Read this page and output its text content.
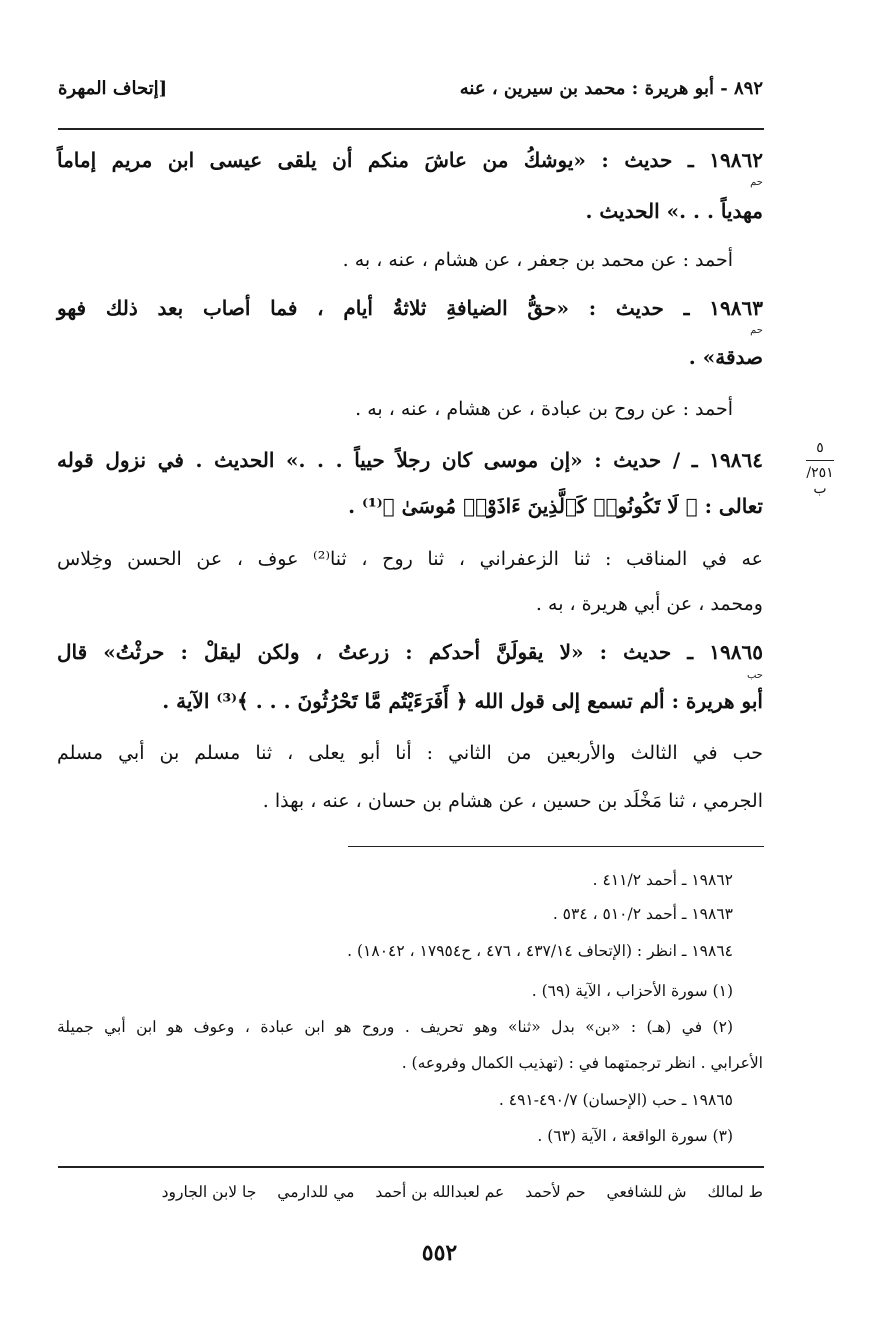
٨٩٢ - أبو هريرة : محمد بن سيرين ، عنه
[إتحاف المهرة
١٩٨٦٢ ـ حديث : «يوشكُ من عاشَ منكم أن يلقى عيسى ابن مريم إماماً
حم
مهدياً . . .» الحديث .
أحمد : عن محمد بن جعفر ، عن هشام ، عنه ، به .
١٩٨٦٣ ـ حديث : «حقُّ الضيافةِ ثلاثةُ أيام ، فما أصاب بعد ذلك فهو
حم
صدقة» .
أحمد : عن روح بن عبادة ، عن هشام ، عنه ، به .
٥
٢٥١/ب
١٩٨٦٤ ـ / حديث : «إن موسى كان رجلاً حيياً . . .» الحديث . في نزول قوله
تعالى : ﴿ لَا تَكُونُوا۟ كَٱلَّذِينَ ءَاذَوْا۟ مُوسَىٰ ﴾⁽¹⁾ .
عه في المناقب : ثنا الزعفراني ، ثنا روح ، ثنا⁽²⁾ عوف ، عن الحسن وخِلاس
ومحمد ، عن أبي هريرة ، به .
١٩٨٦٥ ـ حديث : «لا يقولَنَّ أحدكم : زرعتُ ، ولكن ليقلْ : حرثْتُ» قال
حب
أبو هريرة : ألم تسمع إلى قول الله ﴿ أَفَرَءَيْتُم مَّا تَحْرُثُونَ . . . ﴾⁽³⁾ الآية .
حب في الثالث والأربعين من الثاني : أنا أبو يعلى ، ثنا مسلم بن أبي مسلم
الجرمي ، ثنا مَخْلَد بن حسين ، عن هشام بن حسان ، عنه ، بهذا .
١٩٨٦٢ ـ أحمد ٤١١/٢ .
١٩٨٦٣ ـ أحمد ٥١٠/٢ ، ٥٣٤ .
١٩٨٦٤ ـ انظر : (الإتحاف ٤٣٧/١٤ ، ٤٧٦ ، ح١٧٩٥٤ ، ١٨٠٤٢) .
(١) سورة الأحزاب ، الآية (٦٩) .
(٢) في (هـ) : «بن» بدل «ثنا» وهو تحريف . وروح هو ابن عبادة ، وعوف هو ابن أبي جميلة
الأعرابي . انظر ترجمتهما في : (تهذيب الكمال وفروعه) .
١٩٨٦٥ ـ حب (الإحسان) ٤٩٠/٧-٤٩١ .
(٣) سورة الواقعة ، الآية (٦٣) .
ط لمالك ش للشافعي حم لأحمد عم لعبدالله بن أحمد مي للدارمي جا لابن الجارود
٥٥٢
